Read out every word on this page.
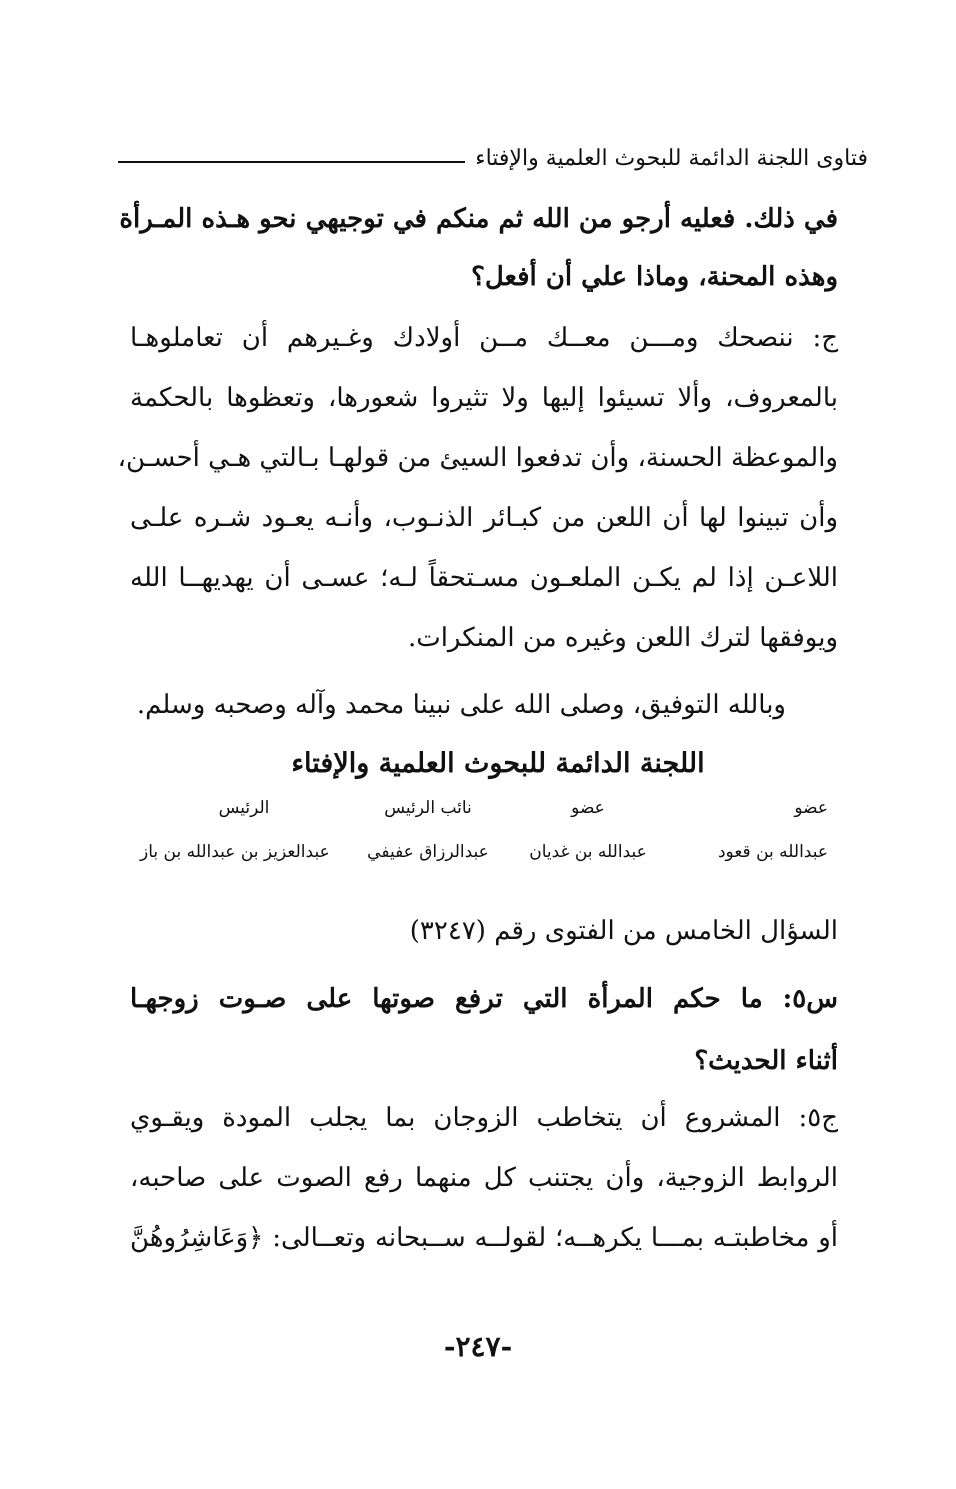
فتاوى اللجنة الدائمة للبحوث العلمية والإفتاء
في ذلك. فعليه أرجو من الله ثم منكم في توجيهي نحو هـذه المـرأة
وهذه المحنة، وماذا علي أن أفعل؟
ج: ننصحك ومـــن معــك مــن أولادك وغـيرهم أن تعاملوهـا
بالمعروف، وألا تسيئوا إليها ولا تثيروا شعورها، وتعظوها بالحكمة
والموعظة الحسنة، وأن تدفعوا السيئ من قولهـا بـالتي هـي أحسـن،
وأن تبينوا لها أن اللعن من كبـائر الذنـوب، وأنـه يعـود شـره علـى
اللاعـن إذا لم يكـن الملعـون مسـتحقاً لـه؛ عسـى أن يهديهــا الله
ويوفقها لترك اللعن وغيره من المنكرات.
وبالله التوفيق، وصلى الله على نبينا محمد وآله وصحبه وسلم.
اللجنة الدائمة للبحوث العلمية والإفتاء
عضو
عضو
نائب الرئيس
الرئيس
عبدالله بن قعود
عبدالله بن غديان
عبدالرزاق عفيفي
عبدالعزيز بن عبدالله بن باز
السؤال الخامس من الفتوى رقم (٣٢٤٧)
س٥: ما حكم المرأة التي ترفع صوتها على صـوت زوجهـا
أثناء الحديث؟
ج٥: المشروع أن يتخاطب الزوجان بما يجلب المودة ويقـوي
الروابط الزوجية، وأن يجتنب كل منهما رفع الصوت على صاحبه،
أو مخاطبتـه بمـــا يكرهــه؛ لقولــه ســبحانه وتعــالى: ﴿وَعَاشِرُوهُنَّ
-٢٤٧-
